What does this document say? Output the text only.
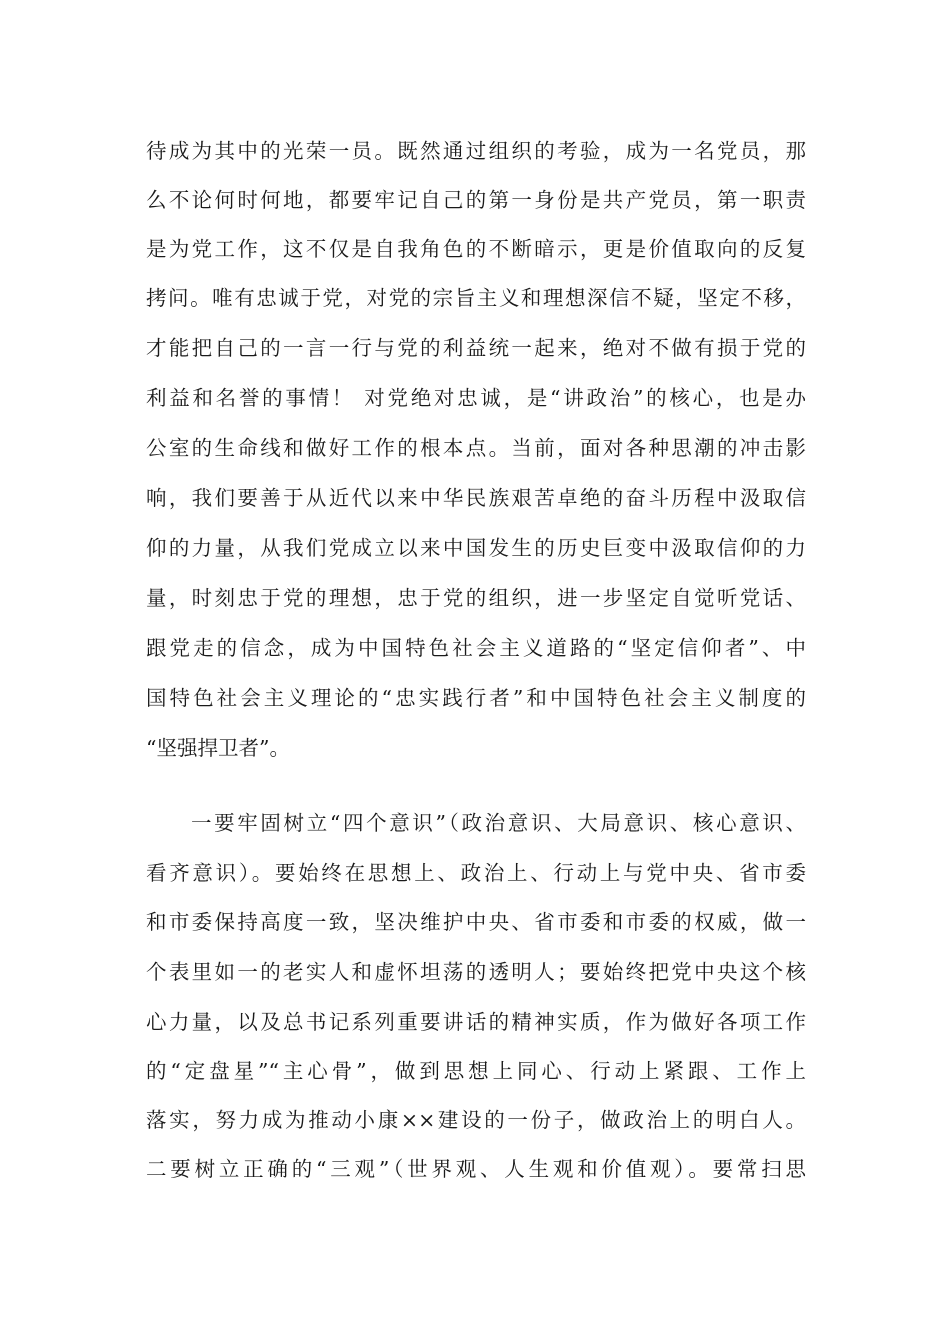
待成为其中的光荣一员。既然通过组织的考验，成为一名党员，那
么不论何时何地，都要牢记自己的第一身份是共产党员，第一职责
是为党工作，这不仅是自我角色的不断暗示，更是价值取向的反复
拷问。唯有忠诚于党，对党的宗旨主义和理想深信不疑，坚定不移，
才能把自己的一言一行与党的利益统一起来，绝对不做有损于党的
利益和名誉的事情！ 对党绝对忠诚，是“讲政治”的核心，也是办
公室的生命线和做好工作的根本点。当前，面对各种思潮的冲击影
响，我们要善于从近代以来中华民族艰苦卓绝的奋斗历程中汲取信
仰的力量，从我们党成立以来中国发生的历史巨变中汲取信仰的力
量，时刻忠于党的理想，忠于党的组织，进一步坚定自觉听党话、
跟党走的信念，成为中国特色社会主义道路的“坚定信仰者”、中
国特色社会主义理论的“忠实践行者”和中国特色社会主义制度的
“坚强捍卫者”。
一要牢固树立“四个意识”（政治意识、大局意识、核心意识、
看齐意识）。要始终在思想上、政治上、行动上与党中央、省市委
和市委保持高度一致，坚决维护中央、省市委和市委的权威，做一
个表里如一的老实人和虚怀坦荡的透明人；要始终把党中央这个核
心力量，以及总书记系列重要讲话的精神实质，作为做好各项工作
的“定盘星”“主心骨”，做到思想上同心、行动上紧跟、工作上
落实，努力成为推动小康××建设的一份子，做政治上的明白人。
二要树立正确的“三观”（世界观、人生观和价值观）。要常扫思
